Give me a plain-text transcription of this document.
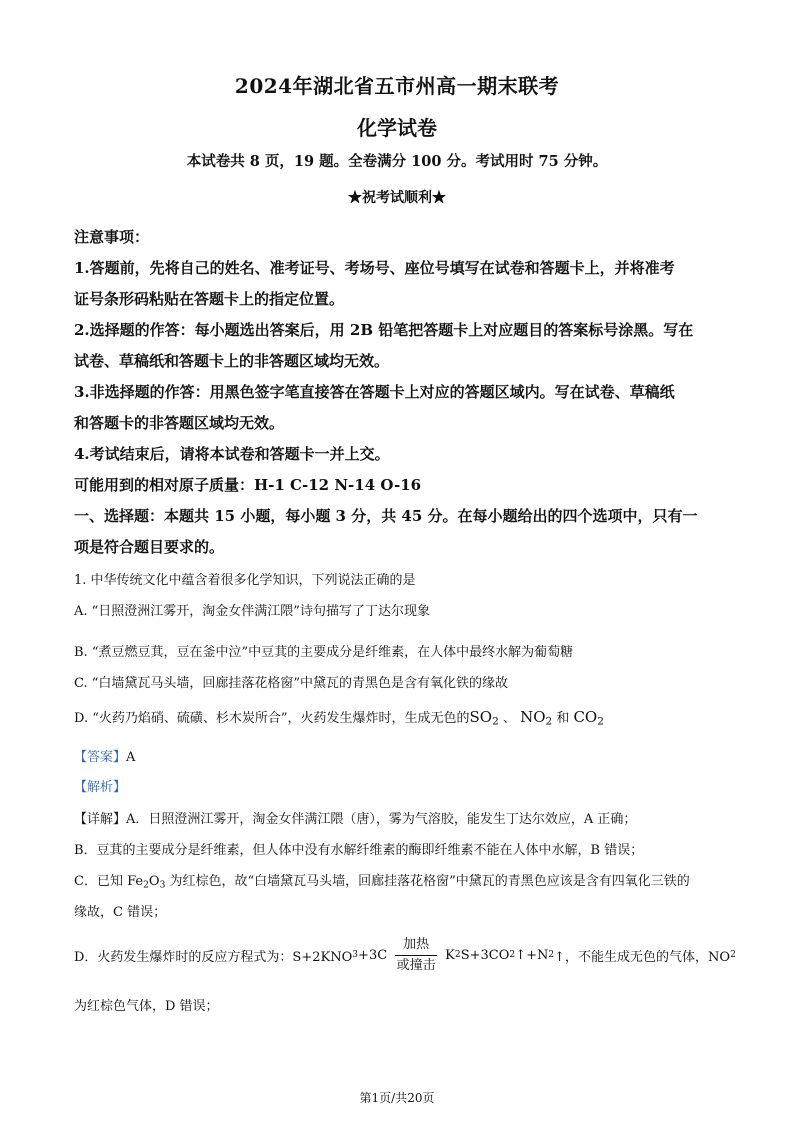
2024年湖北省五市州高一期末联考
化学试卷
本试卷共 8 页，19 题。全卷满分 100 分。考试用时 75 分钟。
★祝考试顺利★
注意事项：
1.答题前，先将自己的姓名、准考证号、考场号、座位号填写在试卷和答题卡上，并将准考
证号条形码粘贴在答题卡上的指定位置。
2.选择题的作答：每小题选出答案后，用 2B 铅笔把答题卡上对应题目的答案标号涂黑。写在
试卷、草稿纸和答题卡上的非答题区域均无效。
3.非选择题的作答：用黑色签字笔直接答在答题卡上对应的答题区域内。写在试卷、草稿纸
和答题卡的非答题区域均无效。
4.考试结束后，请将本试卷和答题卡一并上交。
可能用到的相对原子质量：H-1 C-12 N-14 O-16
一、选择题：本题共 15 小题，每小题 3 分，共 45 分。在每小题给出的四个选项中，只有一
项是符合题目要求的。
1. 中华传统文化中蕴含着很多化学知识，下列说法正确的是
A. “日照澄洲江雾开，淘金女伴满江隈”诗句描写了丁达尔现象
B. “煮豆燃豆萁，豆在釜中泣”中豆萁的主要成分是纤维素，在人体中最终水解为葡萄糖
C. “白墙黛瓦马头墙，回廊挂落花格窗”中黛瓦的青黑色是含有氧化铁的缘故
D. “火药乃焰硝、硫磺、杉木炭所合”，火药发生爆炸时，生成无色的$SO_2$ 、 $NO_2$ 和 $CO_2$
【答案】A
【解析】
【详解】A．日照澄洲江雾开，淘金女伴满江隈（唐），雾为气溶胶，能发生丁达尔效应，A 正确；
B．豆萁的主要成分是纤维素，但人体中没有水解纤维素的酶即纤维素不能在人体中水解，B 错误；
C．已知 $Fe_2O_3$ 为红棕色，故“白墙黛瓦马头墙，回廊挂落花格窗”中黛瓦的青黑色应该是含有四氧化三铁的
缘故，C 错误；
D．火药发生爆炸时的反应方程式为：S+2KNO $3 +3C \frac{\text{加热}}{\text{或撞击}}$ K 2 S+3CO 2 ↑+N 2 ↑，不能生成无色的气体，NO 2
为红棕色气体，D 错误；
第1页/共20页
